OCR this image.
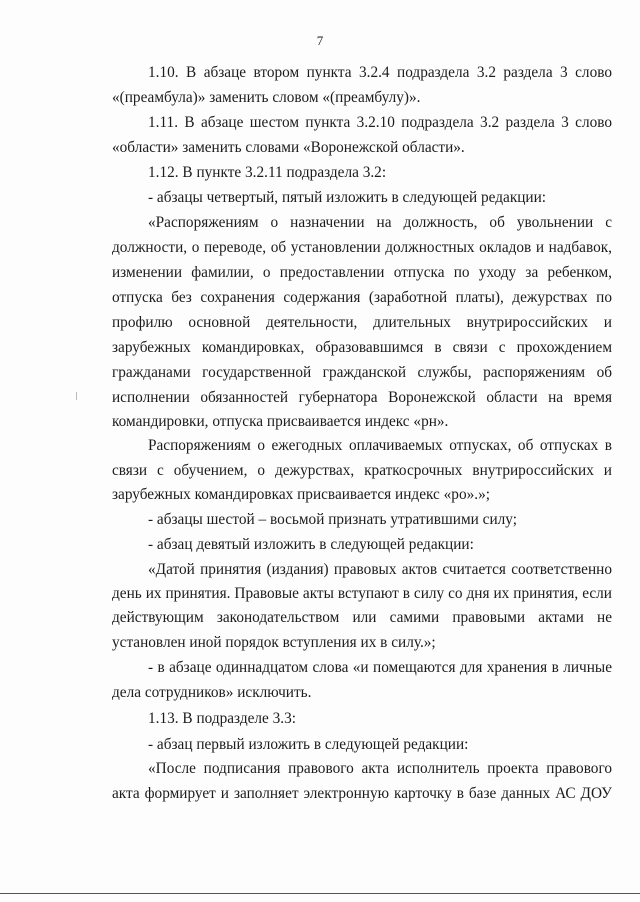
7
1.10. В абзаце втором пункта 3.2.4 подраздела 3.2 раздела 3 слово
«(преамбула)» заменить словом «(преамбулу)».
1.11. В абзаце шестом пункта 3.2.10 подраздела 3.2 раздела 3 слово
«области» заменить словами «Воронежской области».
1.12. В пункте 3.2.11 подраздела 3.2:
- абзацы четвертый, пятый изложить в следующей редакции:
«Распоряжениям о назначении на должность, об увольнении с
должности, о переводе, об установлении должностных окладов и надбавок,
изменении фамилии, о предоставлении отпуска по уходу за ребенком,
отпуска без сохранения содержания (заработной платы), дежурствах по
профилю основной деятельности, длительных внутрироссийских и
зарубежных командировках, образовавшимся в связи с прохождением
гражданами государственной гражданской службы, распоряжениям об
исполнении обязанностей губернатора Воронежской области на время
командировки, отпуска присваивается индекс «рн».
Распоряжениям о ежегодных оплачиваемых отпусках, об отпусках в
связи с обучением, о дежурствах, краткосрочных внутрироссийских и
зарубежных командировках присваивается индекс «ро».»;
- абзацы шестой – восьмой признать утратившими силу;
- абзац девятый изложить в следующей редакции:
«Датой принятия (издания) правовых актов считается соответственно
день их принятия. Правовые акты вступают в силу со дня их принятия, если
действующим законодательством или самими правовыми актами не
установлен иной порядок вступления их в силу.»;
- в абзаце одиннадцатом слова «и помещаются для хранения в личные
дела сотрудников» исключить.
1.13. В подразделе 3.3:
- абзац первый изложить в следующей редакции:
«После подписания правового акта исполнитель проекта правового
акта формирует и заполняет электронную карточку в базе данных АС ДОУ
